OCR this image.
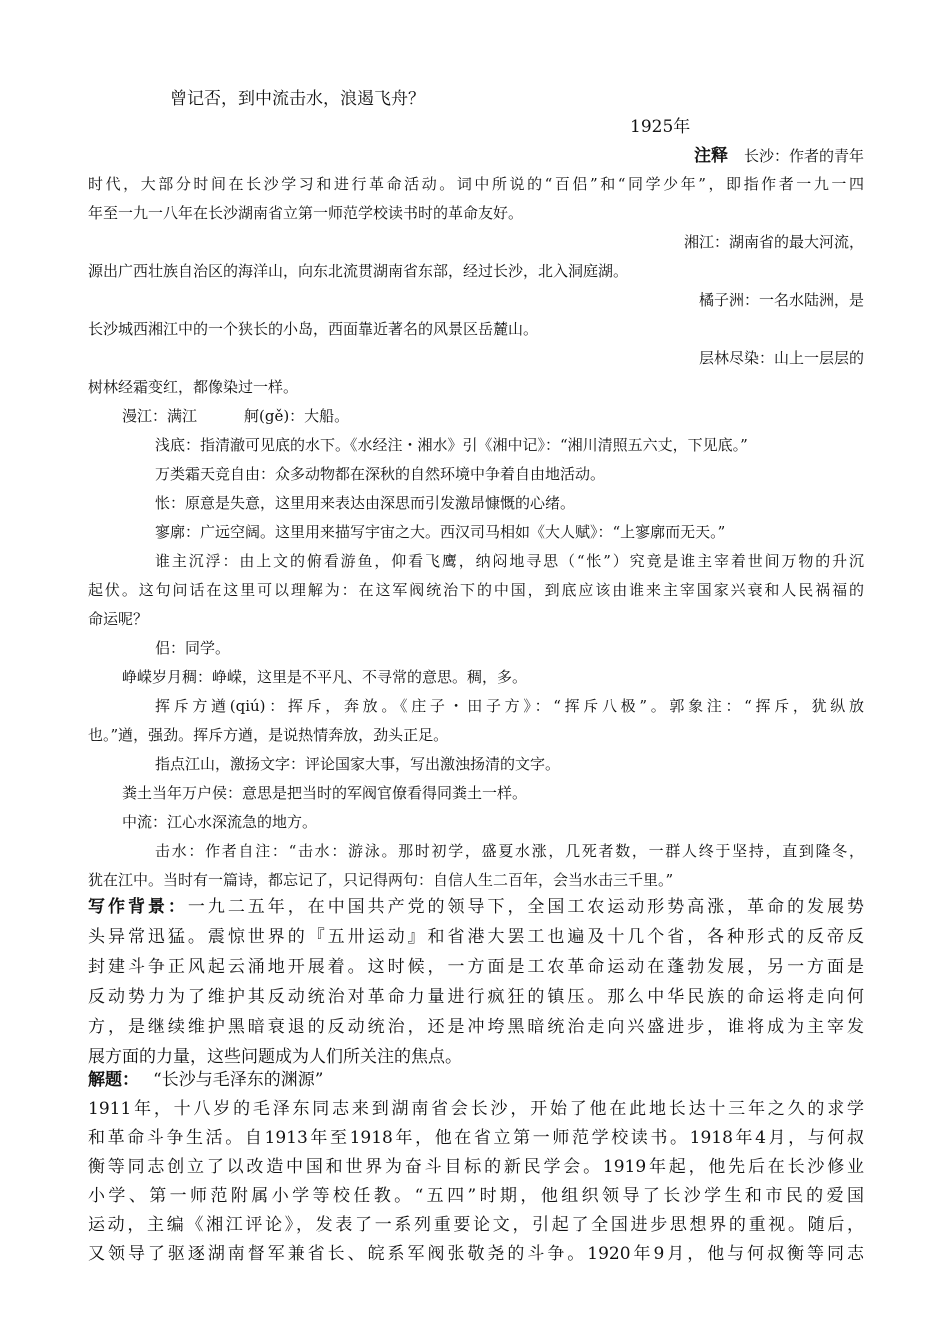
曾记否，到中流击水，浪遏飞舟？

1925年

注释 长沙：作者的青年

时代，大部分时间在长沙学习和进行革命活动。词中所说的“百侣”和“同学少年”，即指作者一九一四

年至一九一八年在长沙湖南省立第一师范学校读书时的革命友好。

湘江：湖南省的最大河流，

源出广西壮族自治区的海洋山，向东北流贯湖南省东部，经过长沙，北入洞庭湖。

橘子洲：一名水陆洲，是

长沙城西湘江中的一个狭长的小岛，西面靠近著名的风景区岳麓山。

层林尽染：山上一层层的

树林经霜变红，都像染过一样。

漫江：满江	舸(gě)：大船。

浅底：指清澈可见底的水下。《水经注・湘水》引《湘中记》：“湘川清照五六丈，下见底。”

万类霜天竞自由：众多动物都在深秋的自然环境中争着自由地活动。

怅：原意是失意，这里用来表达由深思而引发激昂慷慨的心绪。

寥廓：广远空阔。这里用来描写宇宙之大。西汉司马相如《大人赋》：“上寥廓而无天。”

谁主沉浮：由上文的俯看游鱼，仰看飞鹰，纳闷地寻思（“怅”）究竟是谁主宰着世间万物的升沉

起伏。这句问话在这里可以理解为：在这军阀统治下的中国，到底应该由谁来主宰国家兴衰和人民祸福的

命运呢？

侣：同学。

峥嵘岁月稠：峥嵘，这里是不平凡、不寻常的意思。稠，多。

挥斥方遒(qiú)：挥斥，奔放。《庄子・田子方》：“挥斥八极”。郭象注：“挥斥，犹纵放

也。”遒，强劲。挥斥方遒，是说热情奔放，劲头正足。

指点江山，激扬文字：评论国家大事，写出激浊扬清的文字。

粪土当年万户侯：意思是把当时的军阀官僚看得同粪土一样。

中流：江心水深流急的地方。

击水：作者自注：“击水：游泳。那时初学，盛夏水涨，几死者数，一群人终于坚持，直到隆冬，

犹在江中。当时有一篇诗，都忘记了，只记得两句：自信人生二百年，会当水击三千里。”

写作背景：一九二五年，在中国共产党的领导下，全国工农运动形势高涨，革命的发展势

头异常迅猛。震惊世界的『五卅运动』和省港大罢工也遍及十几个省，各种形式的反帝反

封建斗争正风起云涌地开展着。这时候，一方面是工农革命运动在蓬勃发展，另一方面是

反动势力为了维护其反动统治对革命力量进行疯狂的镇压。那么中华民族的命运将走向何

方，是继续维护黑暗衰退的反动统治，还是冲垮黑暗统治走向兴盛进步，谁将成为主宰发

展方面的力量，这些问题成为人们所关注的焦点。

解题： “长沙与毛泽东的渊源”

1911年，十八岁的毛泽东同志来到湖南省会长沙，开始了他在此地长达十三年之久的求学

和革命斗争生活。自1913年至1918年，他在省立第一师范学校读书。1918年4月，与何叔

衡等同志创立了以改造中国和世界为奋斗目标的新民学会。1919年起，他先后在长沙修业

小学、第一师范附属小学等校任教。“五四”时期，他组织领导了长沙学生和市民的爱国

运动，主编《湘江评论》，发表了一系列重要论文，引起了全国进步思想界的重视。随后，

又领导了驱逐湖南督军兼省长、皖系军阀张敬尧的斗争。1920年9月，他与何叔衡等同志
